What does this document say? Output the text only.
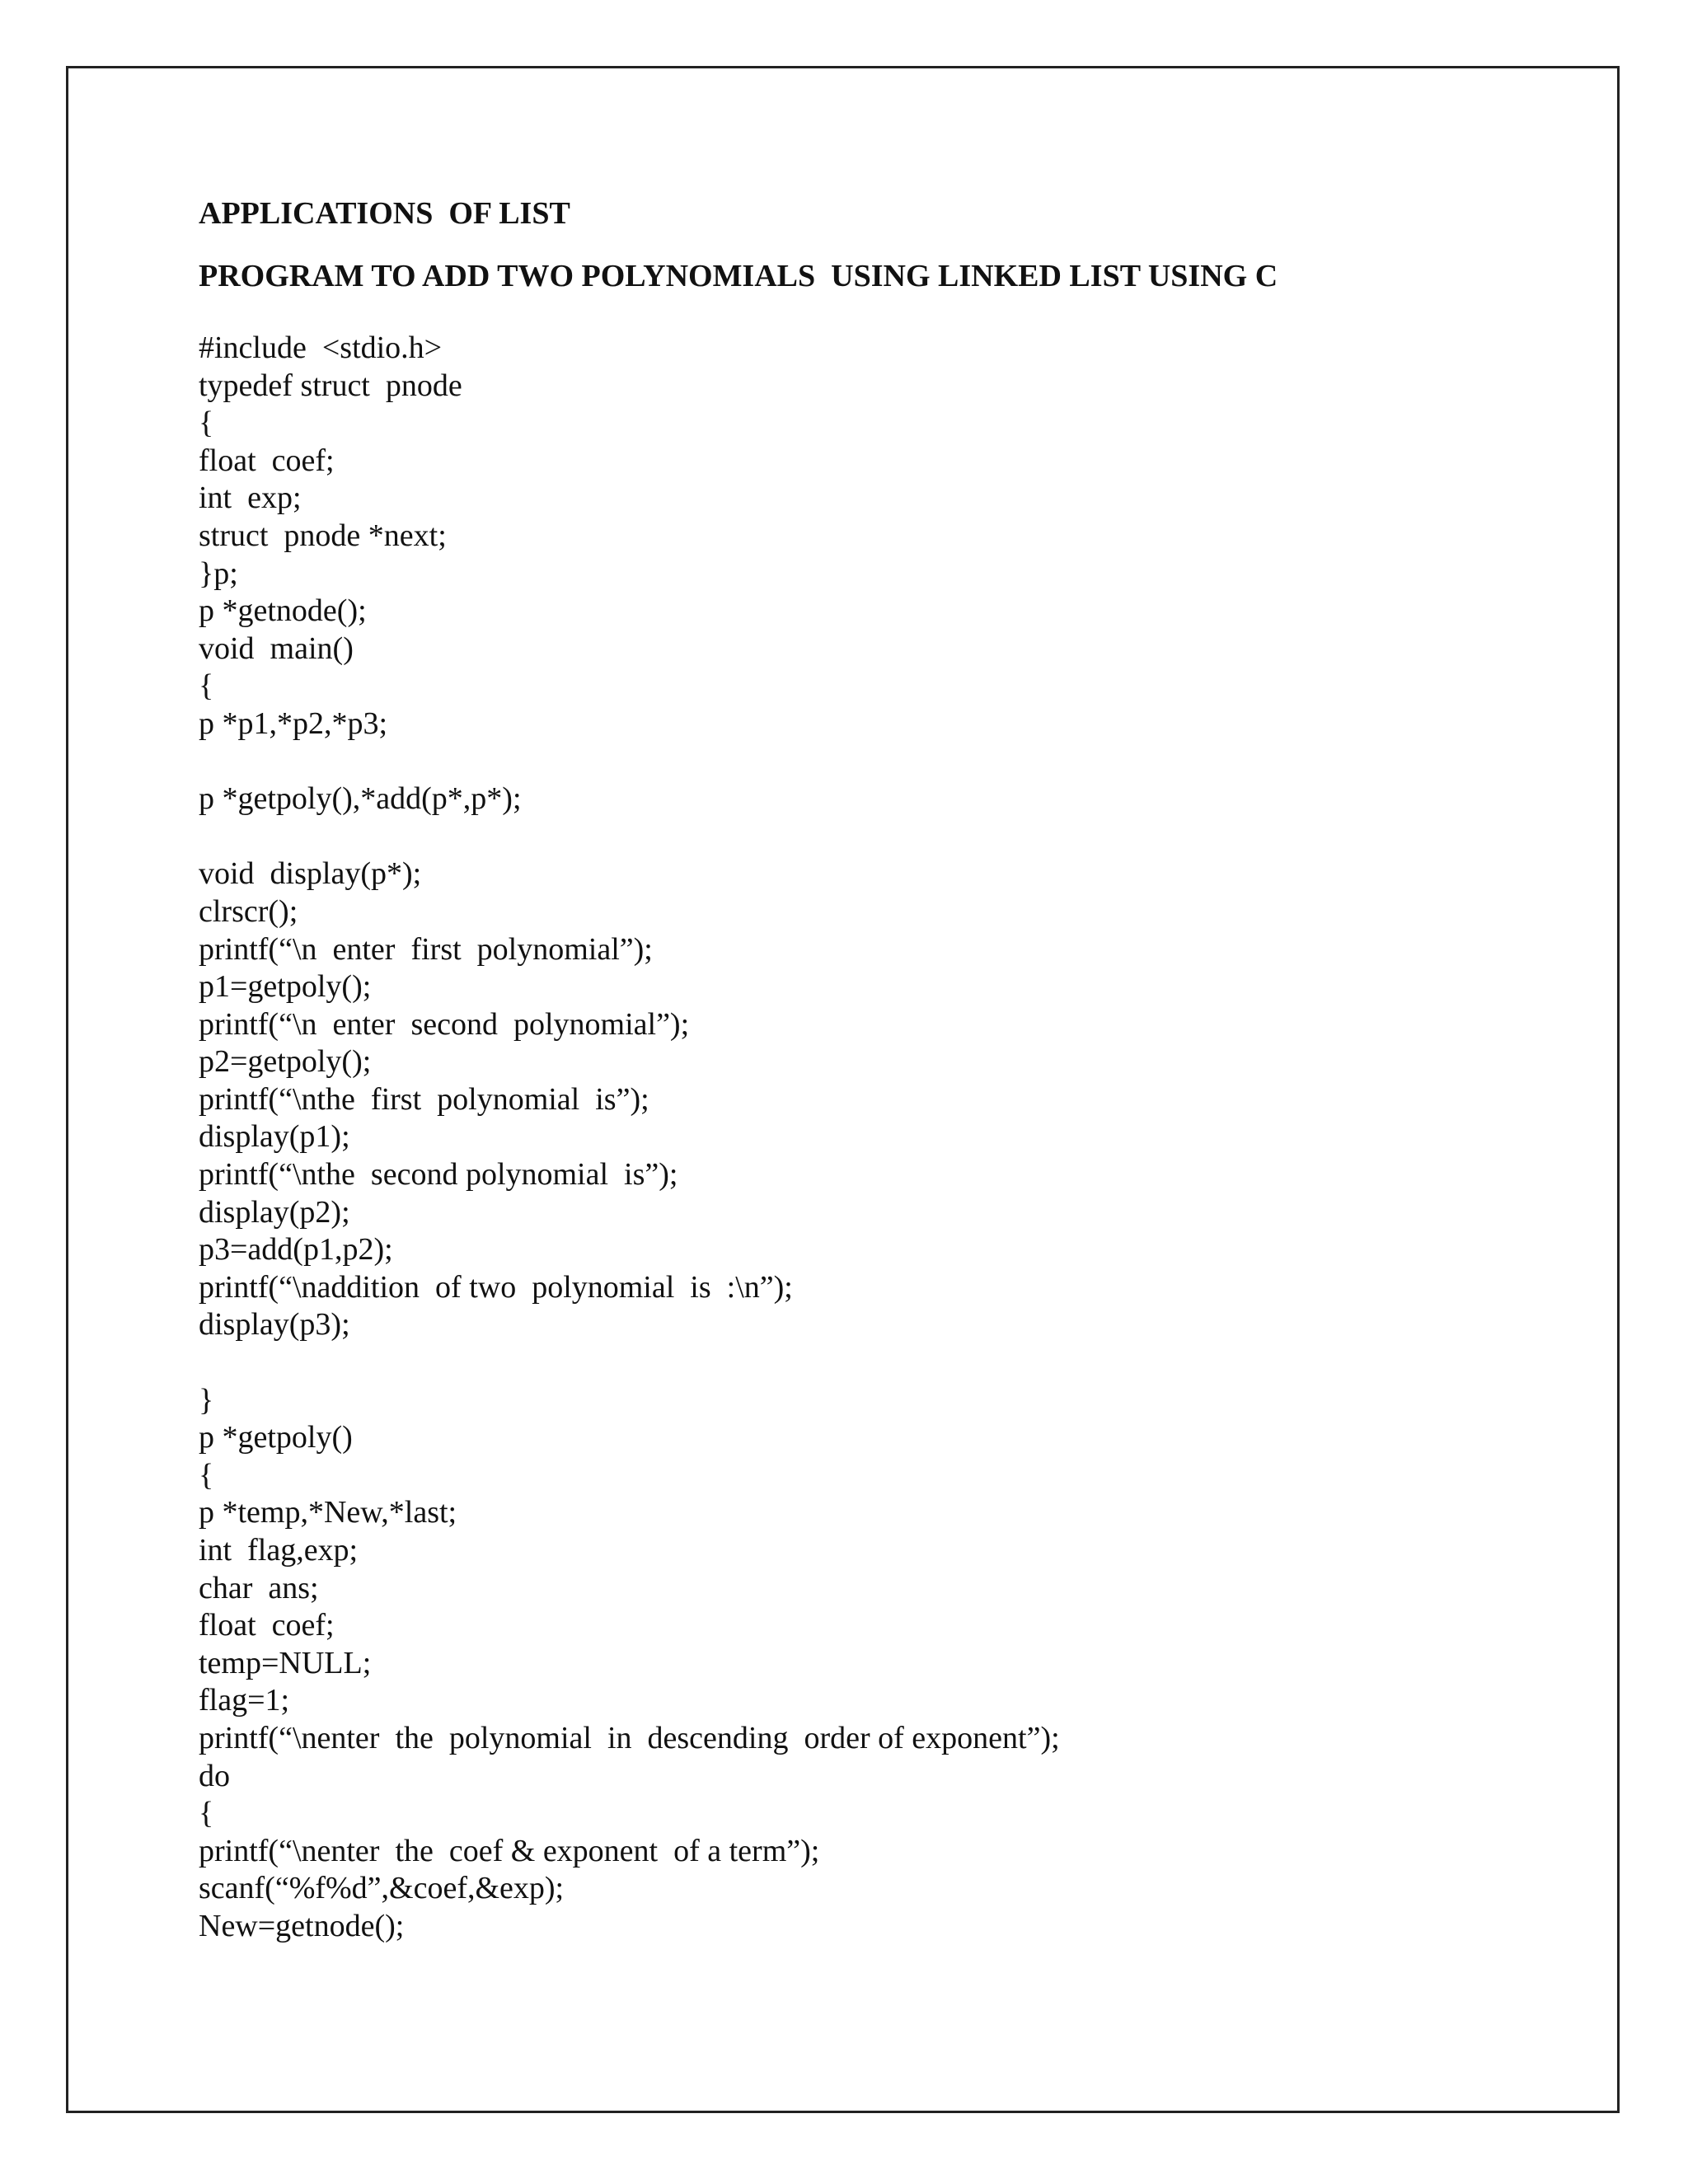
APPLICATIONS  OF LIST
PROGRAM TO ADD TWO POLYNOMIALS  USING LINKED LIST USING C
#include  <stdio.h>
typedef struct  pnode
{
float  coef;
int  exp;
struct  pnode *next;
}p;
p *getnode();
void  main()
{
p *p1,*p2,*p3;
p *getpoly(),*add(p*,p*);
void  display(p*);
clrscr();
printf(“\n  enter  first  polynomial”);
p1=getpoly();
printf(“\n  enter  second  polynomial”);
p2=getpoly();
printf(“\nthe  first  polynomial  is”);
display(p1);
printf(“\nthe  second polynomial  is”);
display(p2);
p3=add(p1,p2);
printf(“\naddition  of two  polynomial  is  :\n”);
display(p3);
}
p *getpoly()
{
p *temp,*New,*last;
int  flag,exp;
char  ans;
float  coef;
temp=NULL;
flag=1;
printf(“\nenter  the  polynomial  in  descending  order of exponent”);
do
{
printf(“\nenter  the  coef & exponent  of a term”);
scanf(“%f%d”,&coef,&exp);
New=getnode();
